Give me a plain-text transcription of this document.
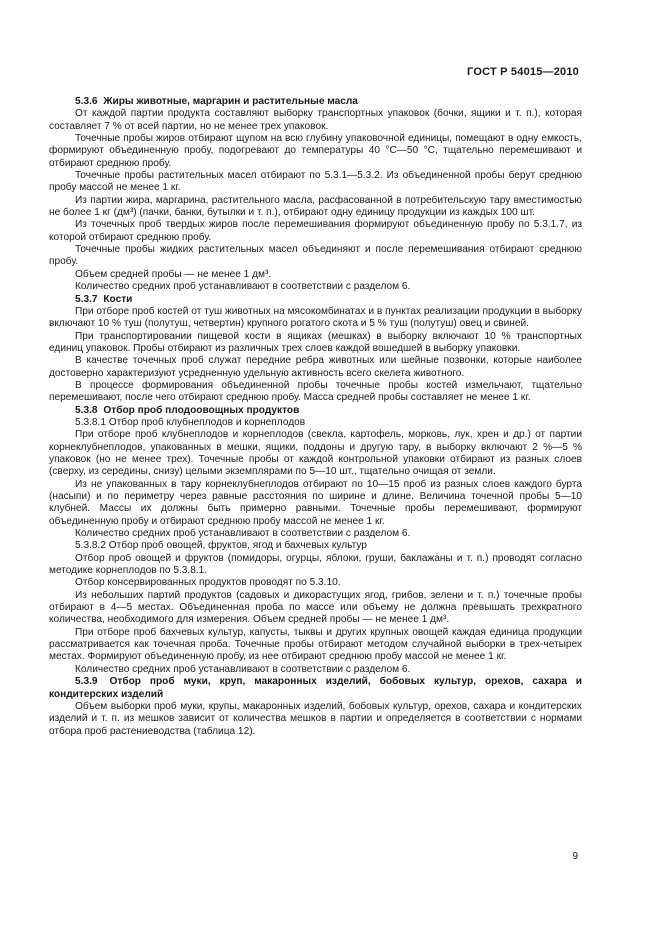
ГОСТ Р 54015—2010

5.3.6 Жиры животные, маргарин и растительные масла

От каждой партии продукта составляют выборку транспортных упаковок (бочки, ящики и т. п.), которая составляет 7 % от всей партии, но не менее трех упаковок.

Точечные пробы жиров отбирают щупом на всю глубину упаковочной единицы, помещают в одну емкость, формируют объединенную пробу, подогревают до температуры 40 °С—50 °С, тщательно перемешивают и отбирают среднюю пробу.

Точечные пробы растительных масел отбирают по 5.3.1—5.3.2. Из объединенной пробы берут среднюю пробу массой не менее 1 кг.

Из партии жира, маргарина, растительного масла, расфасованной в потребительскую тару вместимостью не более 1 кг (дм³) (пачки, банки, бутылки и т. п.), отбирают одну единицу продукции из каждых 100 шт.

Из точечных проб твердых жиров после перемешивания формируют объединенную пробу по 5.3.1.7, из которой отбирают среднюю пробу.

Точечные пробы жидких растительных масел объединяют и после перемешивания отбирают среднюю пробу.

Объем средней пробы — не менее 1 дм³.

Количество средних проб устанавливают в соответствии с разделом 6.

5.3.7 Кости

При отборе проб костей от туш животных на мясокомбинатах и в пунктах реализации продукции в выборку включают 10 % туш (полутуш, четвертин) крупного рогатого скота и 5 % туш (полутуш) овец и свиней.

При транспортировании пищевой кости в ящиках (мешках) в выборку включают 10 % транспортных единиц упаковок. Пробы отбирают из различных трех слоев каждой вошедшей в выборку упаковки.

В качестве точечных проб служат передние ребра животных или шейные позвонки, которые наиболее достоверно характеризуют усредненную удельную активность всего скелета животного.

В процессе формирования объединенной пробы точечные пробы костей измельчают, тщательно перемешивают, после чего отбирают среднюю пробу. Масса средней пробы составляет не менее 1 кг.

5.3.8 Отбор проб плодоовощных продуктов

5.3.8.1 Отбор проб клубнеплодов и корнеплодов

При отборе проб клубнеплодов и корнеплодов (свекла, картофель, морковь, лук, хрен и др.) от партии корнеклубнеплодов, упакованных в мешки, ящики, поддоны и другую тару, в выборку включают 2 %—5 % упаковок (но не менее трех). Точечные пробы от каждой контрольной упаковки отбирают из разных слоев (сверху, из середины, снизу) целыми экземплярами по 5—10 шт., тщательно очищая от земли.

Из не упакованных в тару корнеклубнеплодов отбирают по 10—15 проб из разных слоев каждого бурта (насыпи) и по периметру через равные расстояния по ширине и длине. Величина точечной пробы 5—10 клубней. Массы их должны быть примерно равными. Точечные пробы перемешивают, формируют объединенную пробу и отбирают среднюю пробу массой не менее 1 кг.

Количество средних проб устанавливают в соответствии с разделом 6.

5.3.8.2 Отбор проб овощей, фруктов, ягод и бахчевых культур

Отбор проб овощей и фруктов (помидоры, огурцы, яблоки, груши, баклажаны и т. п.) проводят согласно методике корнеплодов по 5.3.8.1.

Отбор консервированных продуктов проводят по 5.3.10.

Из небольших партий продуктов (садовых и дикорастущих ягод, грибов, зелени и т. п.) точечные пробы отбирают в 4—5 местах. Объединенная проба по массе или объему не должна превышать трехкратного количества, необходимого для измерения. Объем средней пробы — не менее 1 дм³.

При отборе проб бахчевых культур, капусты, тыквы и других крупных овощей каждая единица продукции рассматривается как точечная проба. Точечные пробы отбирают методом случайной выборки в трех-четырех местах. Формируют объединенную пробу, из нее отбирают среднюю пробу массой не менее 1 кг.

Количество средних проб устанавливают в соответствии с разделом 6.

5.3.9 Отбор проб муки, круп, макаронных изделий, бобовых культур, орехов, сахара и кондитерских изделий

Объем выборки проб муки, крупы, макаронных изделий, бобовых культур, орехов, сахара и кондитерских изделий и т. п. из мешков зависит от количества мешков в партии и определяется в соответствии с нормами отбора проб растениеводства (таблица 12).

9
